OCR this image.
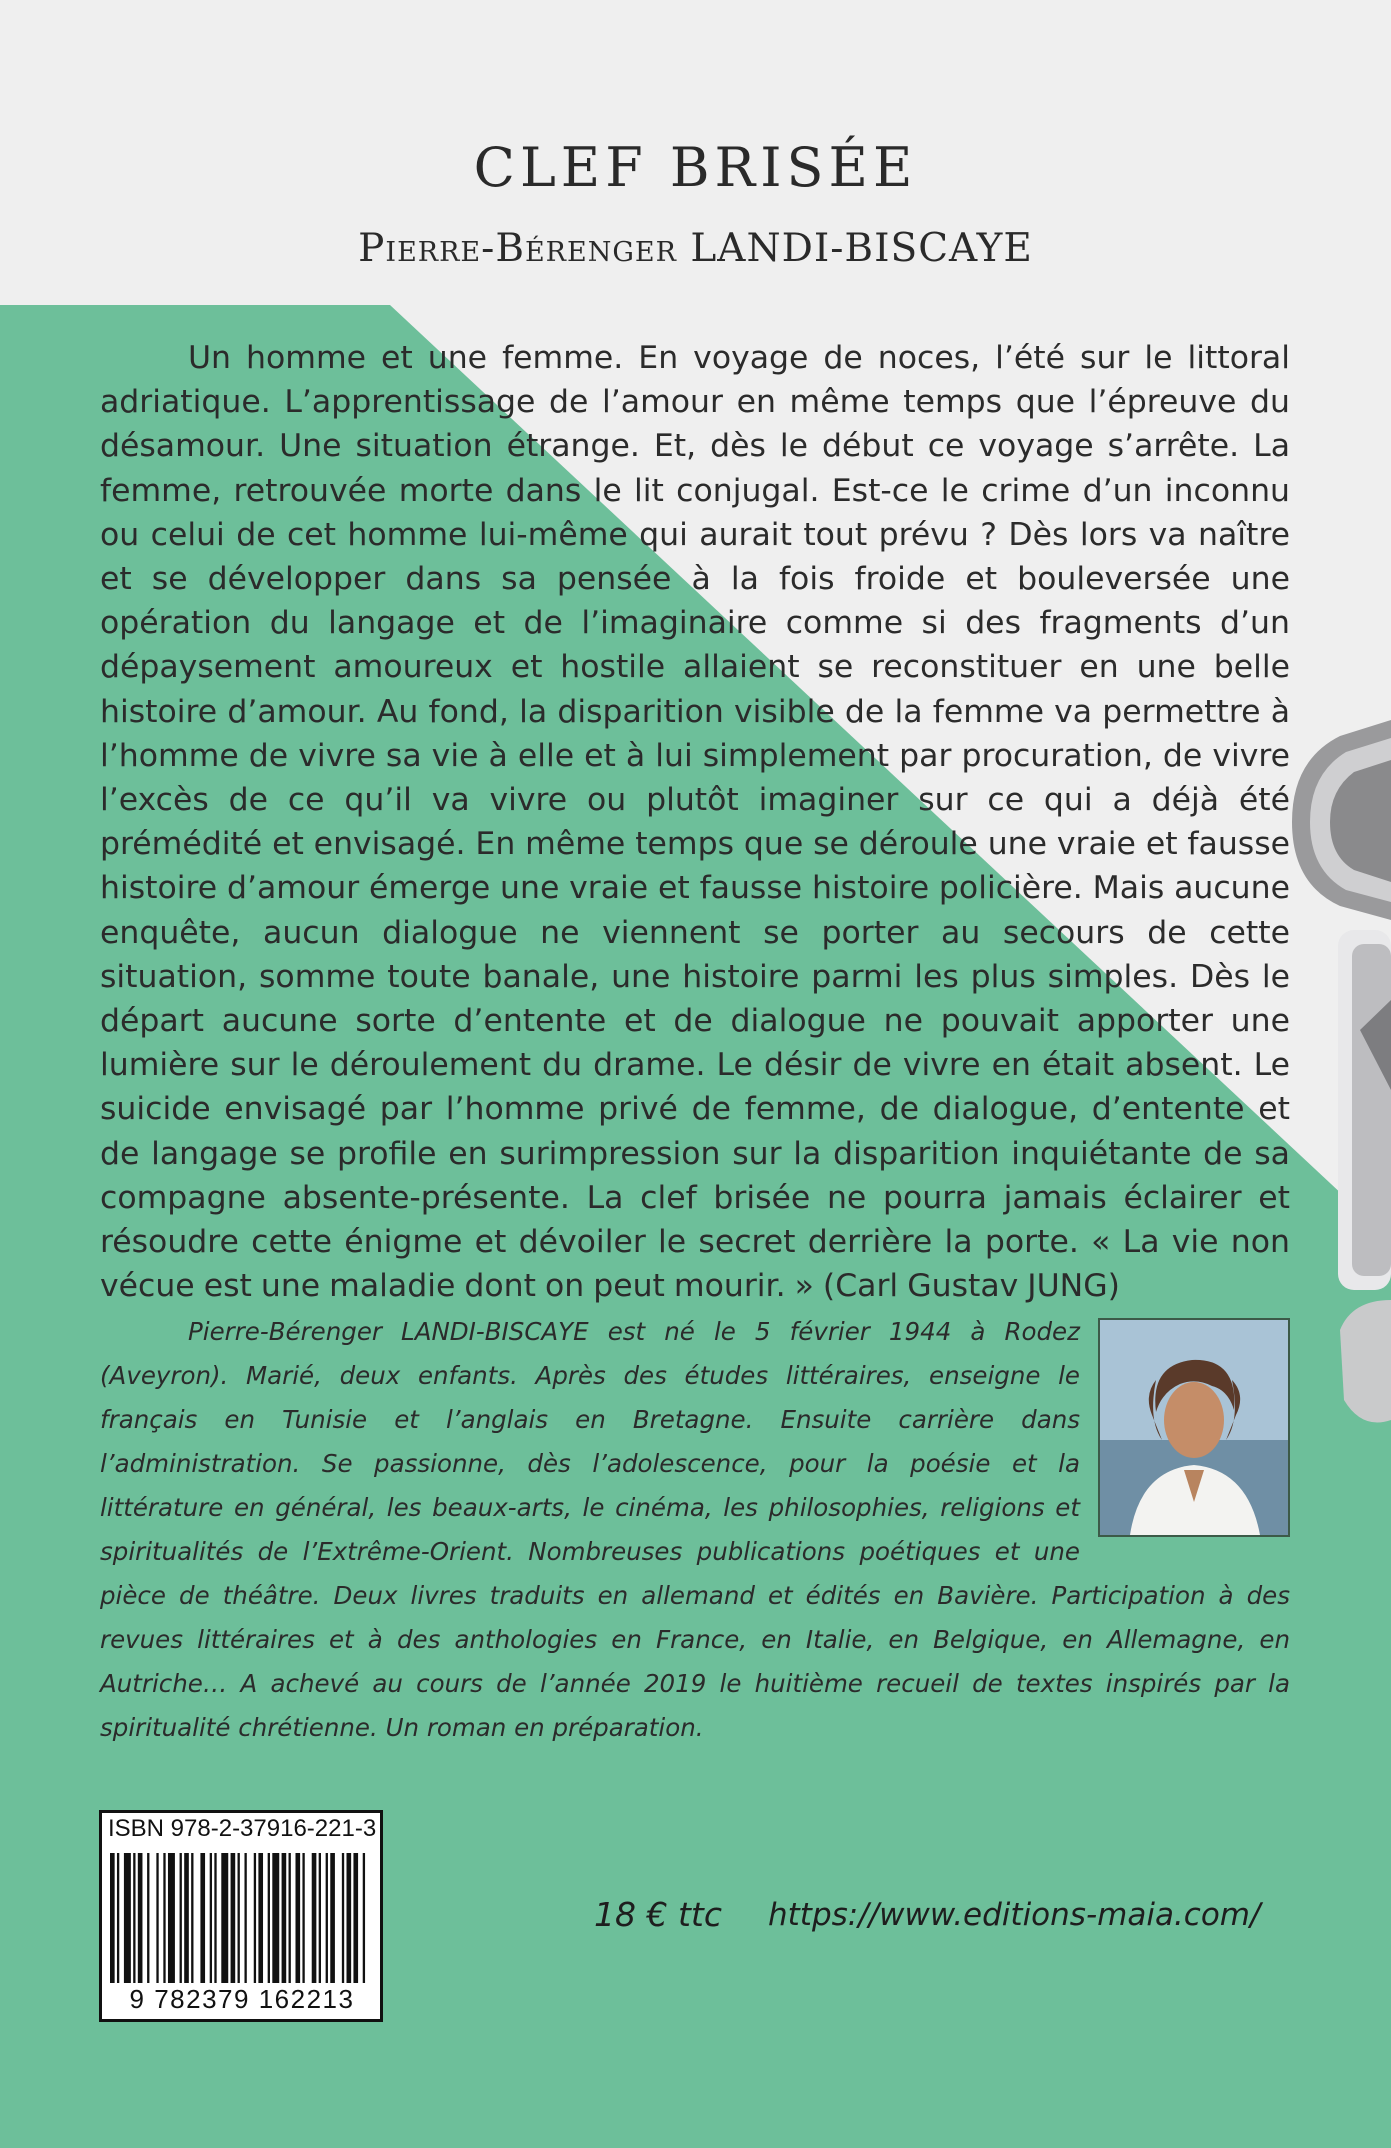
CLEF BRISÉE
Pierre-Bérenger LANDI-BISCAYE

Un homme et une femme. En voyage de noces, l’été sur le littoral adriatique. L’apprentissage de l’amour en même temps que l’épreuve du désamour. Une situation étrange. Et, dès le début ce voyage s’arrête. La femme, retrouvée morte dans le lit conjugal. Est-ce le crime d’un inconnu ou celui de cet homme lui-même qui aurait tout prévu ? Dès lors va naître et se développer dans sa pensée à la fois froide et bouleversée une opération du langage et de l’imaginaire comme si des fragments d’un dépaysement amoureux et hostile allaient se reconstituer en une belle histoire d’amour. Au fond, la disparition visible de la femme va permettre à l’homme de vivre sa vie à elle et à lui simplement par procuration, de vivre l’excès de ce qu’il va vivre ou plutôt imaginer sur ce qui a déjà été prémédité et envisagé. En même temps que se déroule une vraie et fausse histoire d’amour émerge une vraie et fausse histoire policière. Mais aucune enquête, aucun dialogue ne viennent se porter au secours de cette situation, somme toute banale, une histoire parmi les plus simples. Dès le départ aucune sorte d’entente et de dialogue ne pouvait apporter une lumière sur le déroulement du drame. Le désir de vivre en était absent. Le suicide envisagé par l’homme privé de femme, de dialogue, d’entente et de langage se profile en surimpression sur la disparition inquiétante de sa compagne absente-présente. La clef brisée ne pourra jamais éclairer et résoudre cette énigme et dévoiler le secret derrière la porte. « La vie non vécue est une maladie dont on peut mourir. » (Carl Gustav JUNG)

Pierre-Bérenger LANDI-BISCAYE est né le 5 février 1944 à Rodez (Aveyron). Marié, deux enfants. Après des études littéraires, enseigne le français en Tunisie et l’anglais en Bretagne. Ensuite carrière dans l’administration. Se passionne, dès l’adolescence, pour la poésie et la littérature en général, les beaux-arts, le cinéma, les philosophies, religions et spiritualités de l’Extrême-Orient. Nombreuses publications poétiques et une pièce de théâtre. Deux livres traduits en allemand et édités en Bavière. Participation à des revues littéraires et à des anthologies en France, en Italie, en Belgique, en Allemagne, en Autriche… A achevé au cours de l’année 2019 le huitième recueil de textes inspirés par la spiritualité chrétienne. Un roman en préparation.
ISBN 978-2-37916-221-3
9 782379 162213
18 € ttc https://www.editions-maia.com/
